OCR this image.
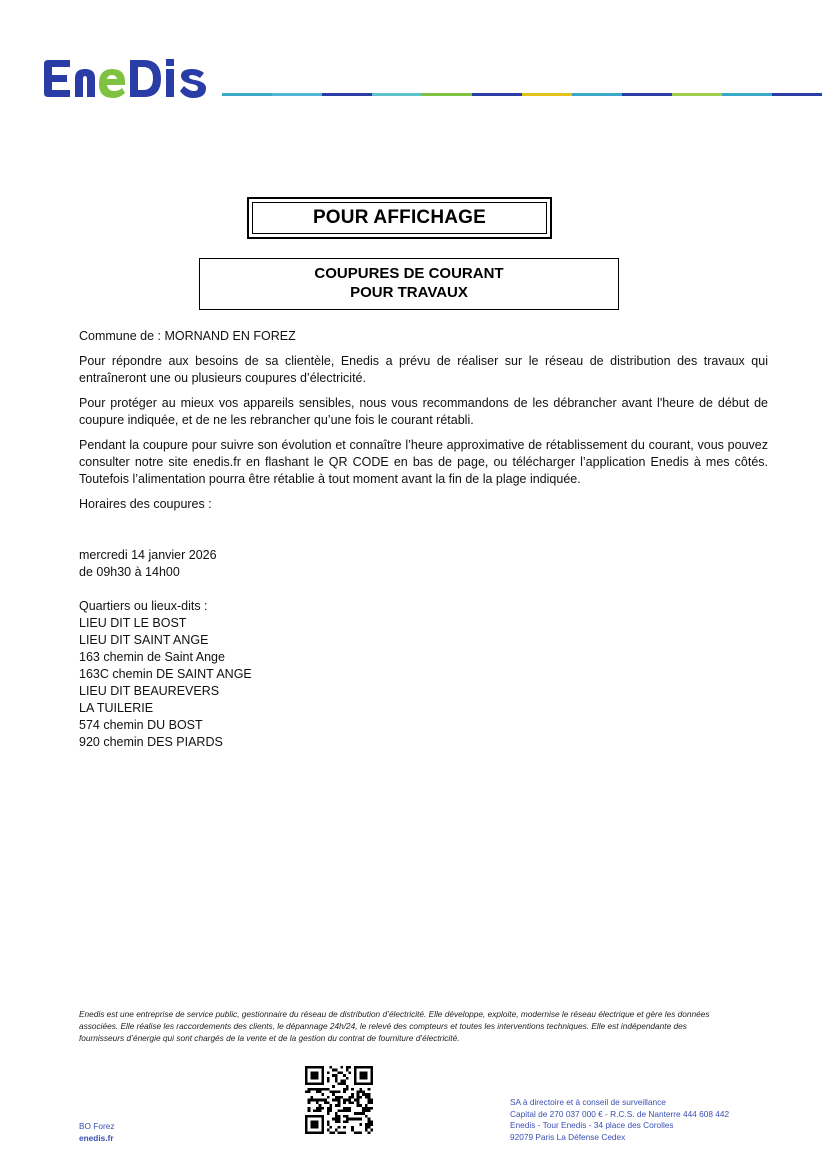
POUR AFFICHAGE
COUPURES DE COURANT
POUR TRAVAUX

Commune de : MORNAND EN FOREZ

Pour répondre aux besoins de sa clientèle, Enedis a prévu de réaliser sur le réseau de distribution des travaux qui entraîneront une ou plusieurs coupures d’électricité.

Pour protéger au mieux vos appareils sensibles, nous vous recommandons de les débrancher avant l'heure de début de coupure indiquée, et de ne les rebrancher qu’une fois le courant rétabli.

Pendant la coupure pour suivre son évolution et connaître l’heure approximative de rétablissement du courant, vous pouvez consulter notre site enedis.fr en flashant le QR CODE en bas de page, ou télécharger l’application Enedis à mes côtés. Toutefois l’alimentation pourra être rétablie à tout moment avant la fin de la plage indiquée.

Horaires des coupures :

mercredi 14 janvier 2026
de 09h30 à 14h00
Quartiers ou lieux-dits :
LIEU DIT LE BOST
LIEU DIT SAINT ANGE
163 chemin de Saint Ange
163C chemin DE SAINT ANGE
LIEU DIT BEAUREVERS
LA TUILERIE
574 chemin DU BOST
920 chemin DES PIARDS
Enedis est une entreprise de service public, gestionnaire du réseau de distribution d’électricité. Elle développe, exploite, modernise le réseau électrique et gère les données
associées. Elle réalise les raccordements des clients, le dépannage 24h/24, le relevé des compteurs et toutes les interventions techniques. Elle est indépendante des
fournisseurs d’énergie qui sont chargés de la vente et de la gestion du contrat de fourniture d’électricité.
BO Forez
enedis.fr
SA à directoire et à conseil de surveillance
Capital de 270 037 000 € - R.C.S. de Nanterre 444 608 442
Enedis - Tour Enedis - 34 place des Corolles
92079 Paris La Défense Cedex
